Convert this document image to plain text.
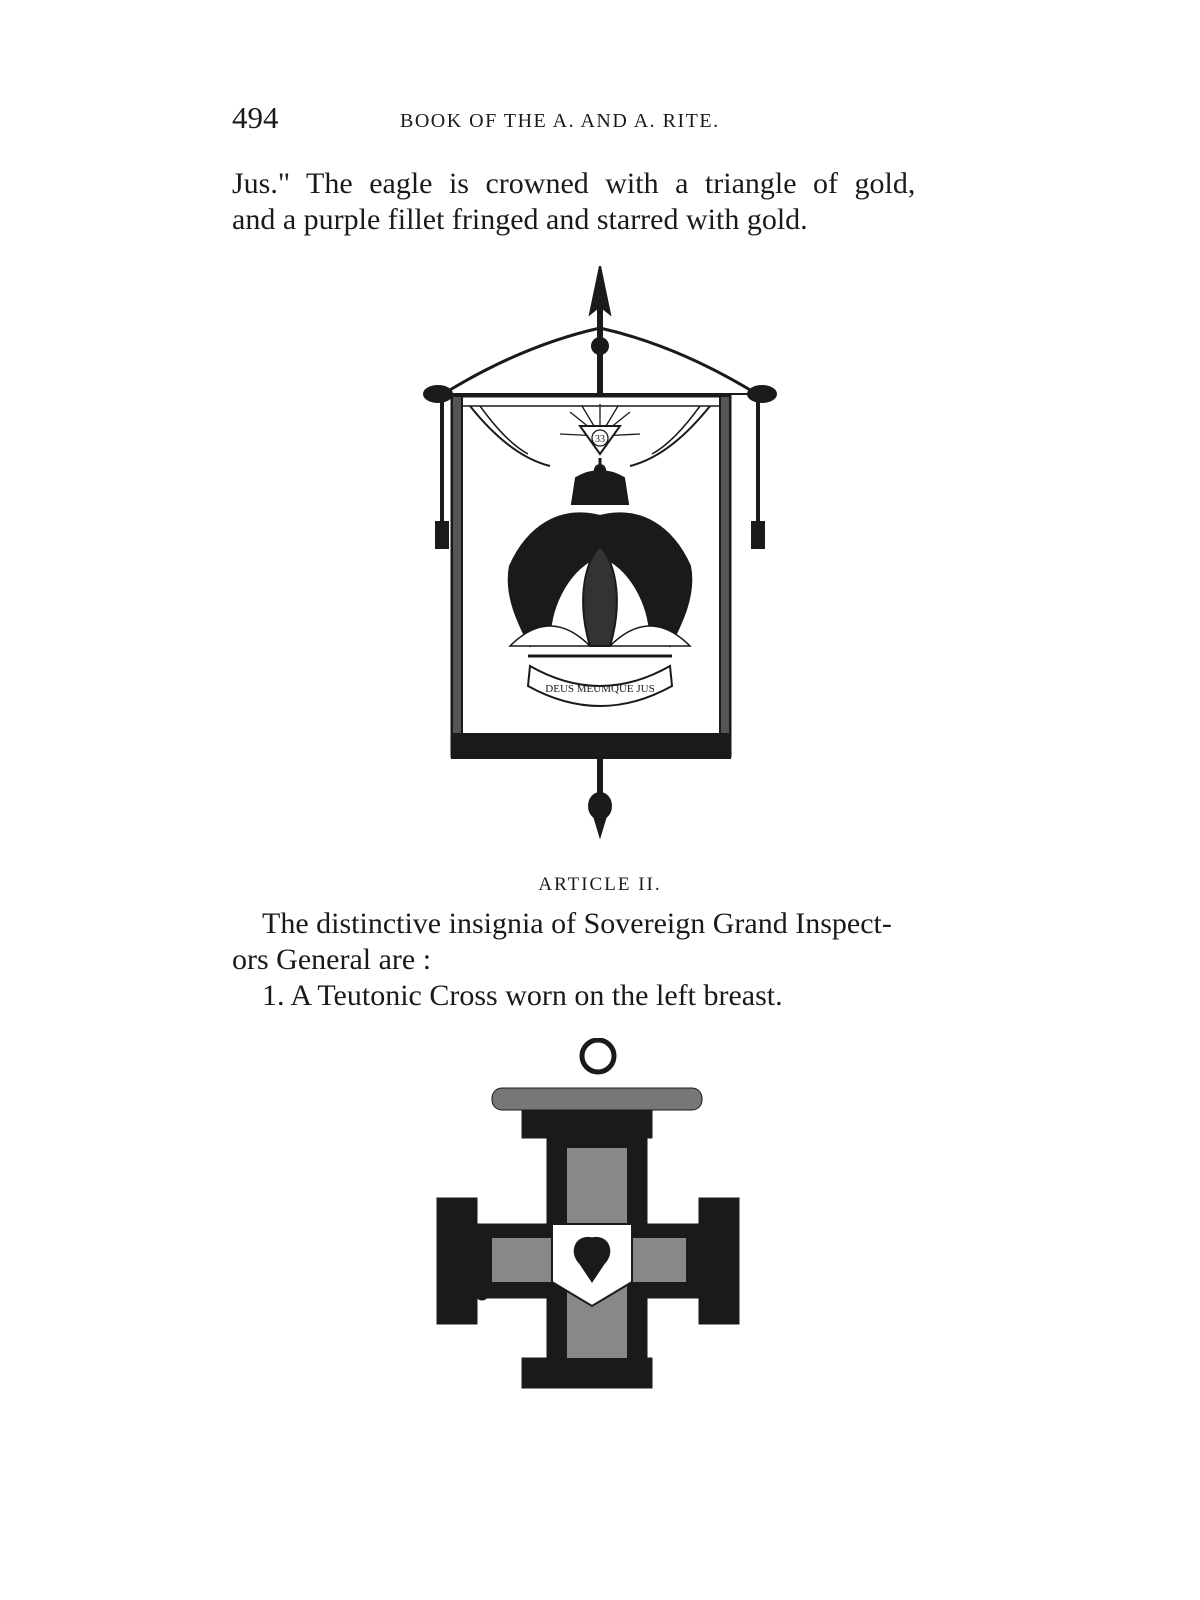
494	BOOK OF THE A. AND A. RITE.
Jus." The eagle is crowned with a triangle of gold,
and a purple fillet fringed and starred with gold.
33
DEUS MEUMQUE JUS
ARTICLE II.
The distinctive insignia of Sovereign Grand Inspect-
ors General are :
1. A Teutonic Cross worn on the left breast.
